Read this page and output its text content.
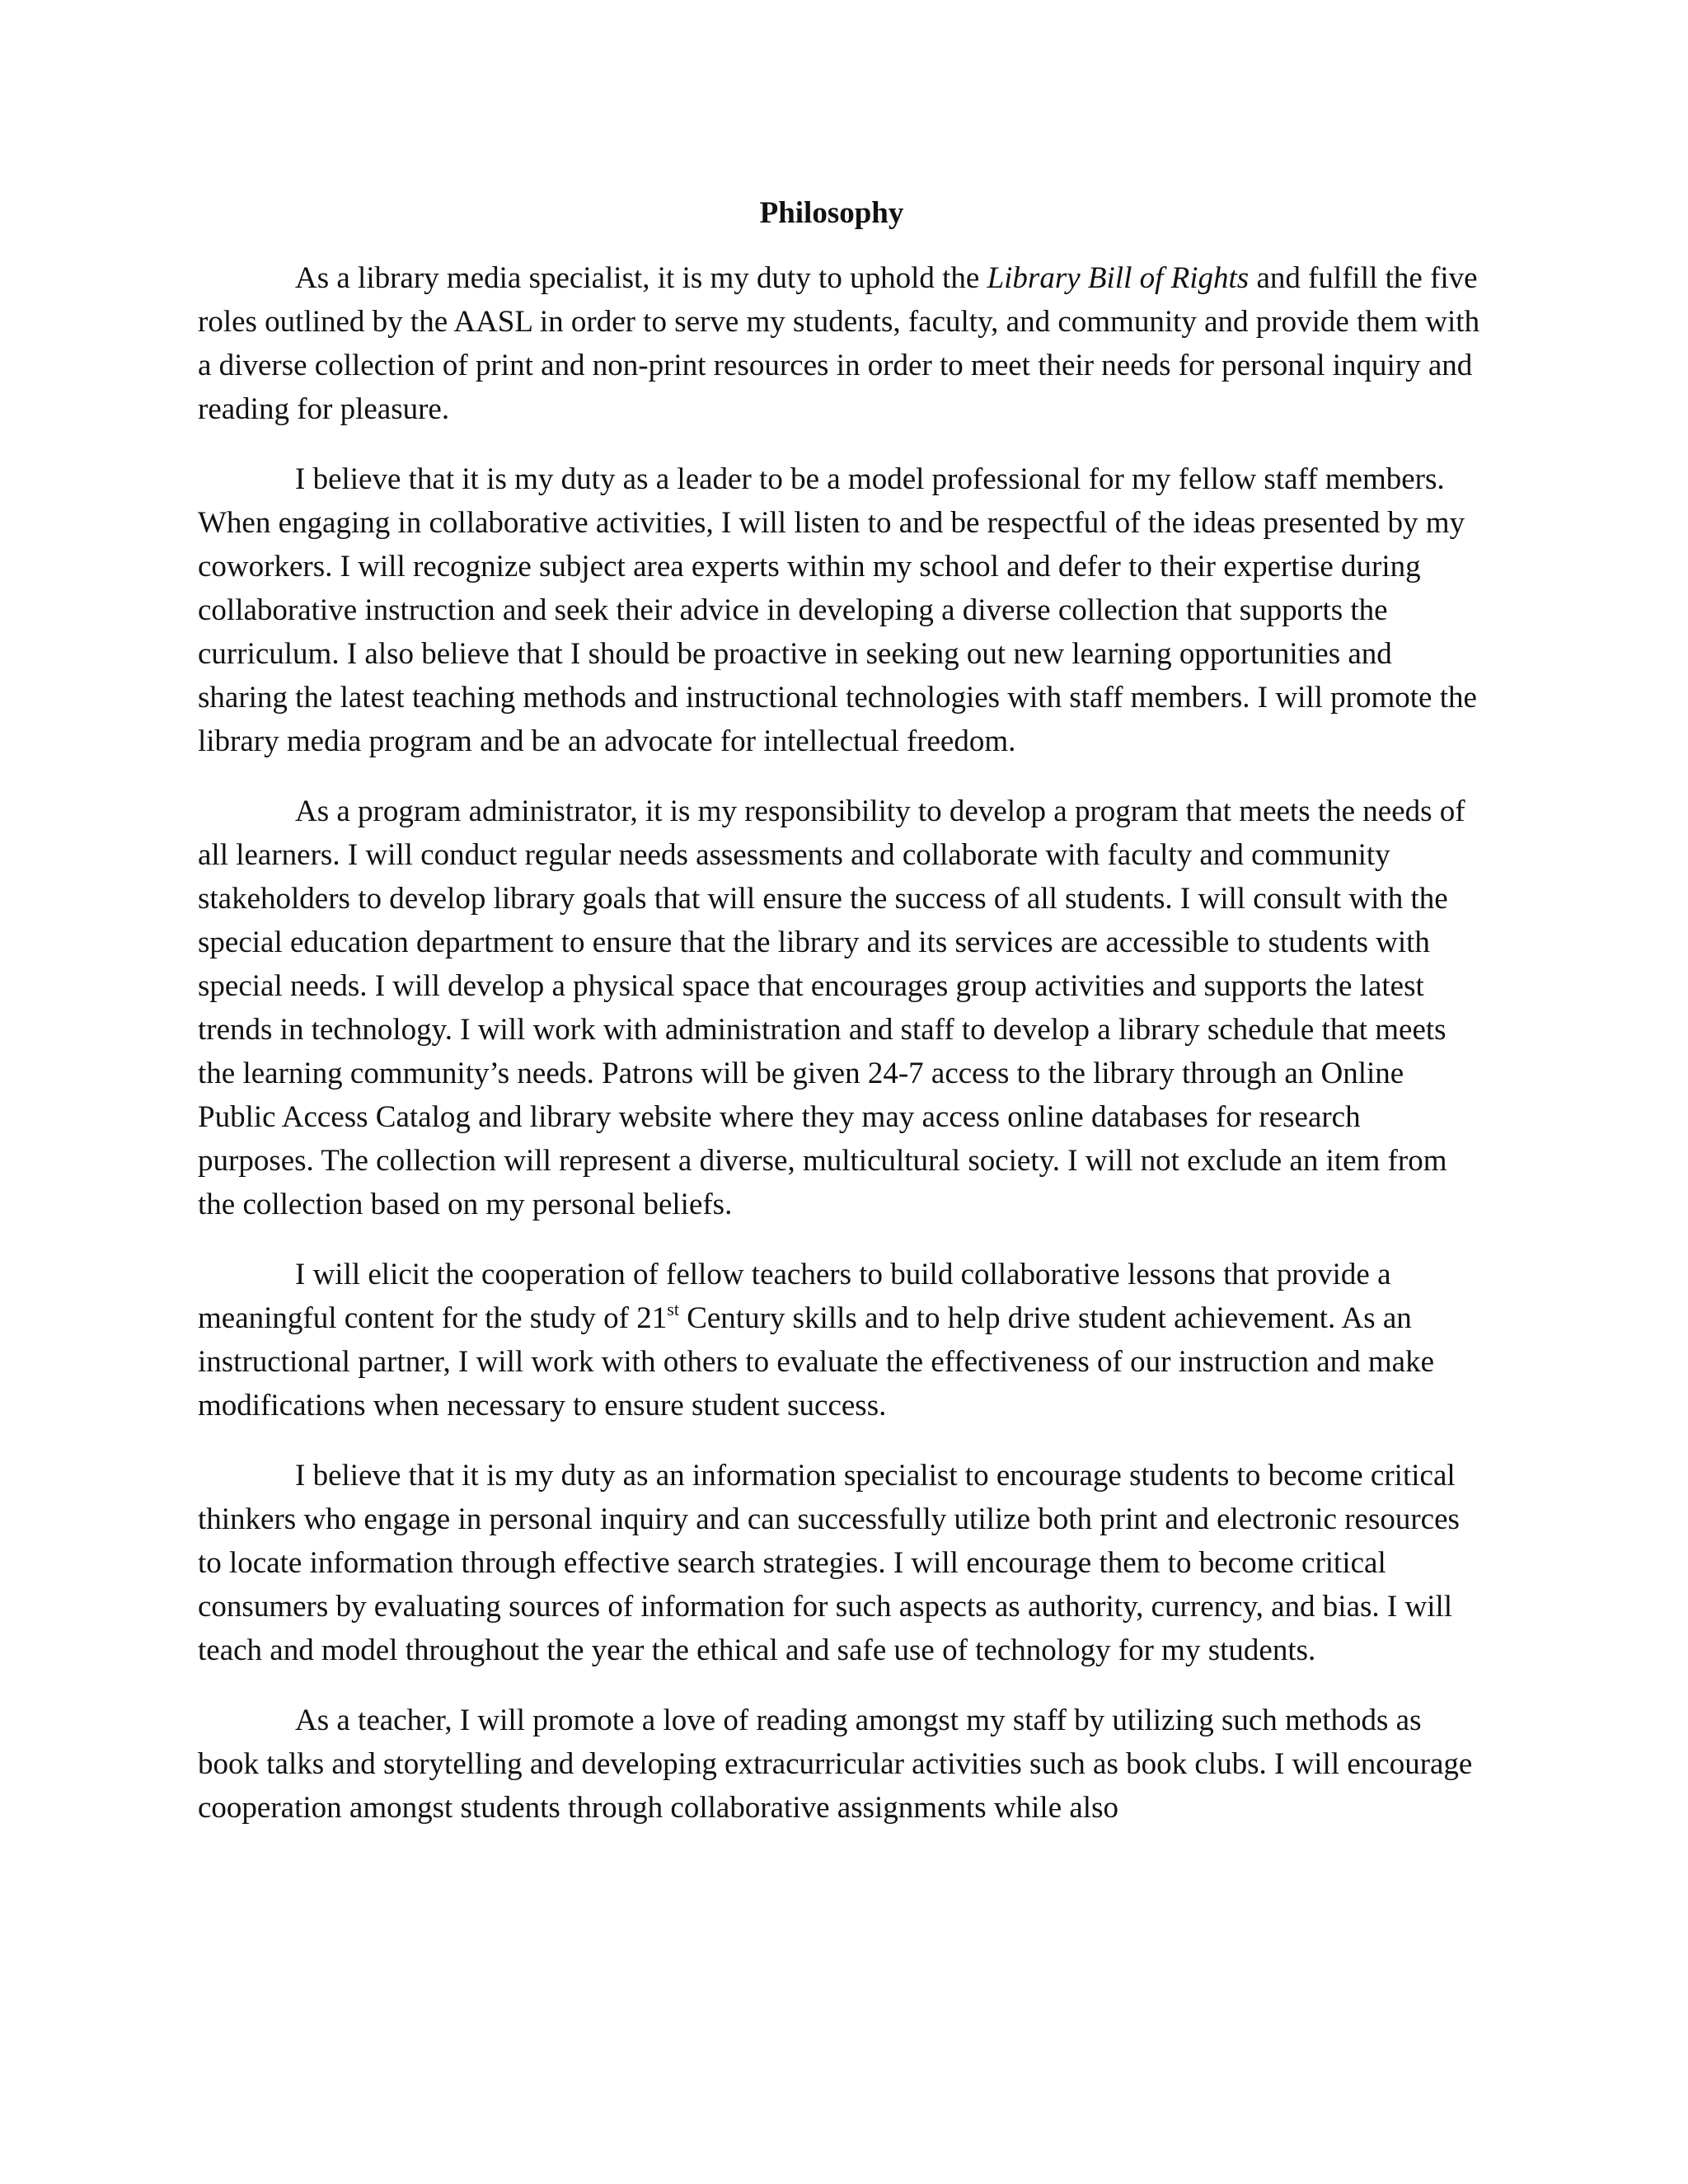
Philosophy

As a library media specialist, it is my duty to uphold the Library Bill of Rights and fulfill the five roles outlined by the AASL in order to serve my students, faculty, and community and provide them with a diverse collection of print and non-print resources in order to meet their needs for personal inquiry and reading for pleasure.

I believe that it is my duty as a leader to be a model professional for my fellow staff members. When engaging in collaborative activities, I will listen to and be respectful of the ideas presented by my coworkers. I will recognize subject area experts within my school and defer to their expertise during collaborative instruction and seek their advice in developing a diverse collection that supports the curriculum. I also believe that I should be proactive in seeking out new learning opportunities and sharing the latest teaching methods and instructional technologies with staff members. I will promote the library media program and be an advocate for intellectual freedom.

As a program administrator, it is my responsibility to develop a program that meets the needs of all learners. I will conduct regular needs assessments and collaborate with faculty and community stakeholders to develop library goals that will ensure the success of all students. I will consult with the special education department to ensure that the library and its services are accessible to students with special needs. I will develop a physical space that encourages group activities and supports the latest trends in technology. I will work with administration and staff to develop a library schedule that meets the learning community’s needs. Patrons will be given 24-7 access to the library through an Online Public Access Catalog and library website where they may access online databases for research purposes. The collection will represent a diverse, multicultural society. I will not exclude an item from the collection based on my personal beliefs.

I will elicit the cooperation of fellow teachers to build collaborative lessons that provide a meaningful content for the study of 21st Century skills and to help drive student achievement. As an instructional partner, I will work with others to evaluate the effectiveness of our instruction and make modifications when necessary to ensure student success.

I believe that it is my duty as an information specialist to encourage students to become critical thinkers who engage in personal inquiry and can successfully utilize both print and electronic resources to locate information through effective search strategies. I will encourage them to become critical consumers by evaluating sources of information for such aspects as authority, currency, and bias. I will teach and model throughout the year the ethical and safe use of technology for my students.

As a teacher, I will promote a love of reading amongst my staff by utilizing such methods as book talks and storytelling and developing extracurricular activities such as book clubs. I will encourage cooperation amongst students through collaborative assignments while also
